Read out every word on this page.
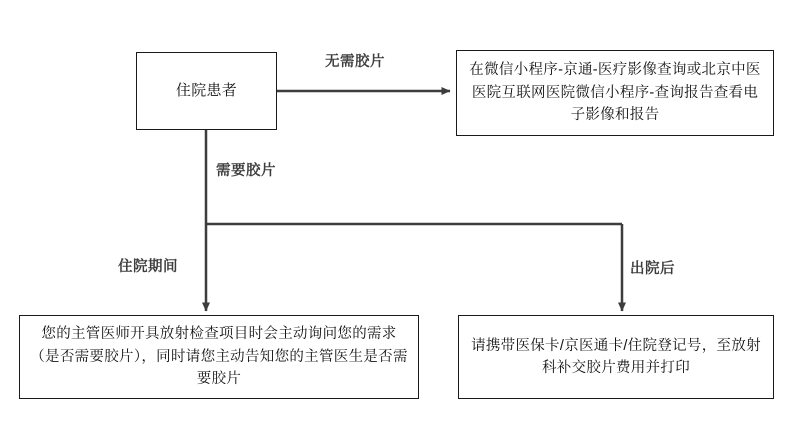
住院患者
在微信小程序-京通-医疗影像查询或北京中医医院互联网医院微信小程序-查询报告查看电子影像和报告
您的主管医师开具放射检查项目时会主动询问您的需求（是否需要胶片），同时请您主动告知您的主管医生是否需要胶片
请携带医保卡/京医通卡/住院登记号，至放射科补交胶片费用并打印
无需胶片
需要胶片
住院期间	出院后
